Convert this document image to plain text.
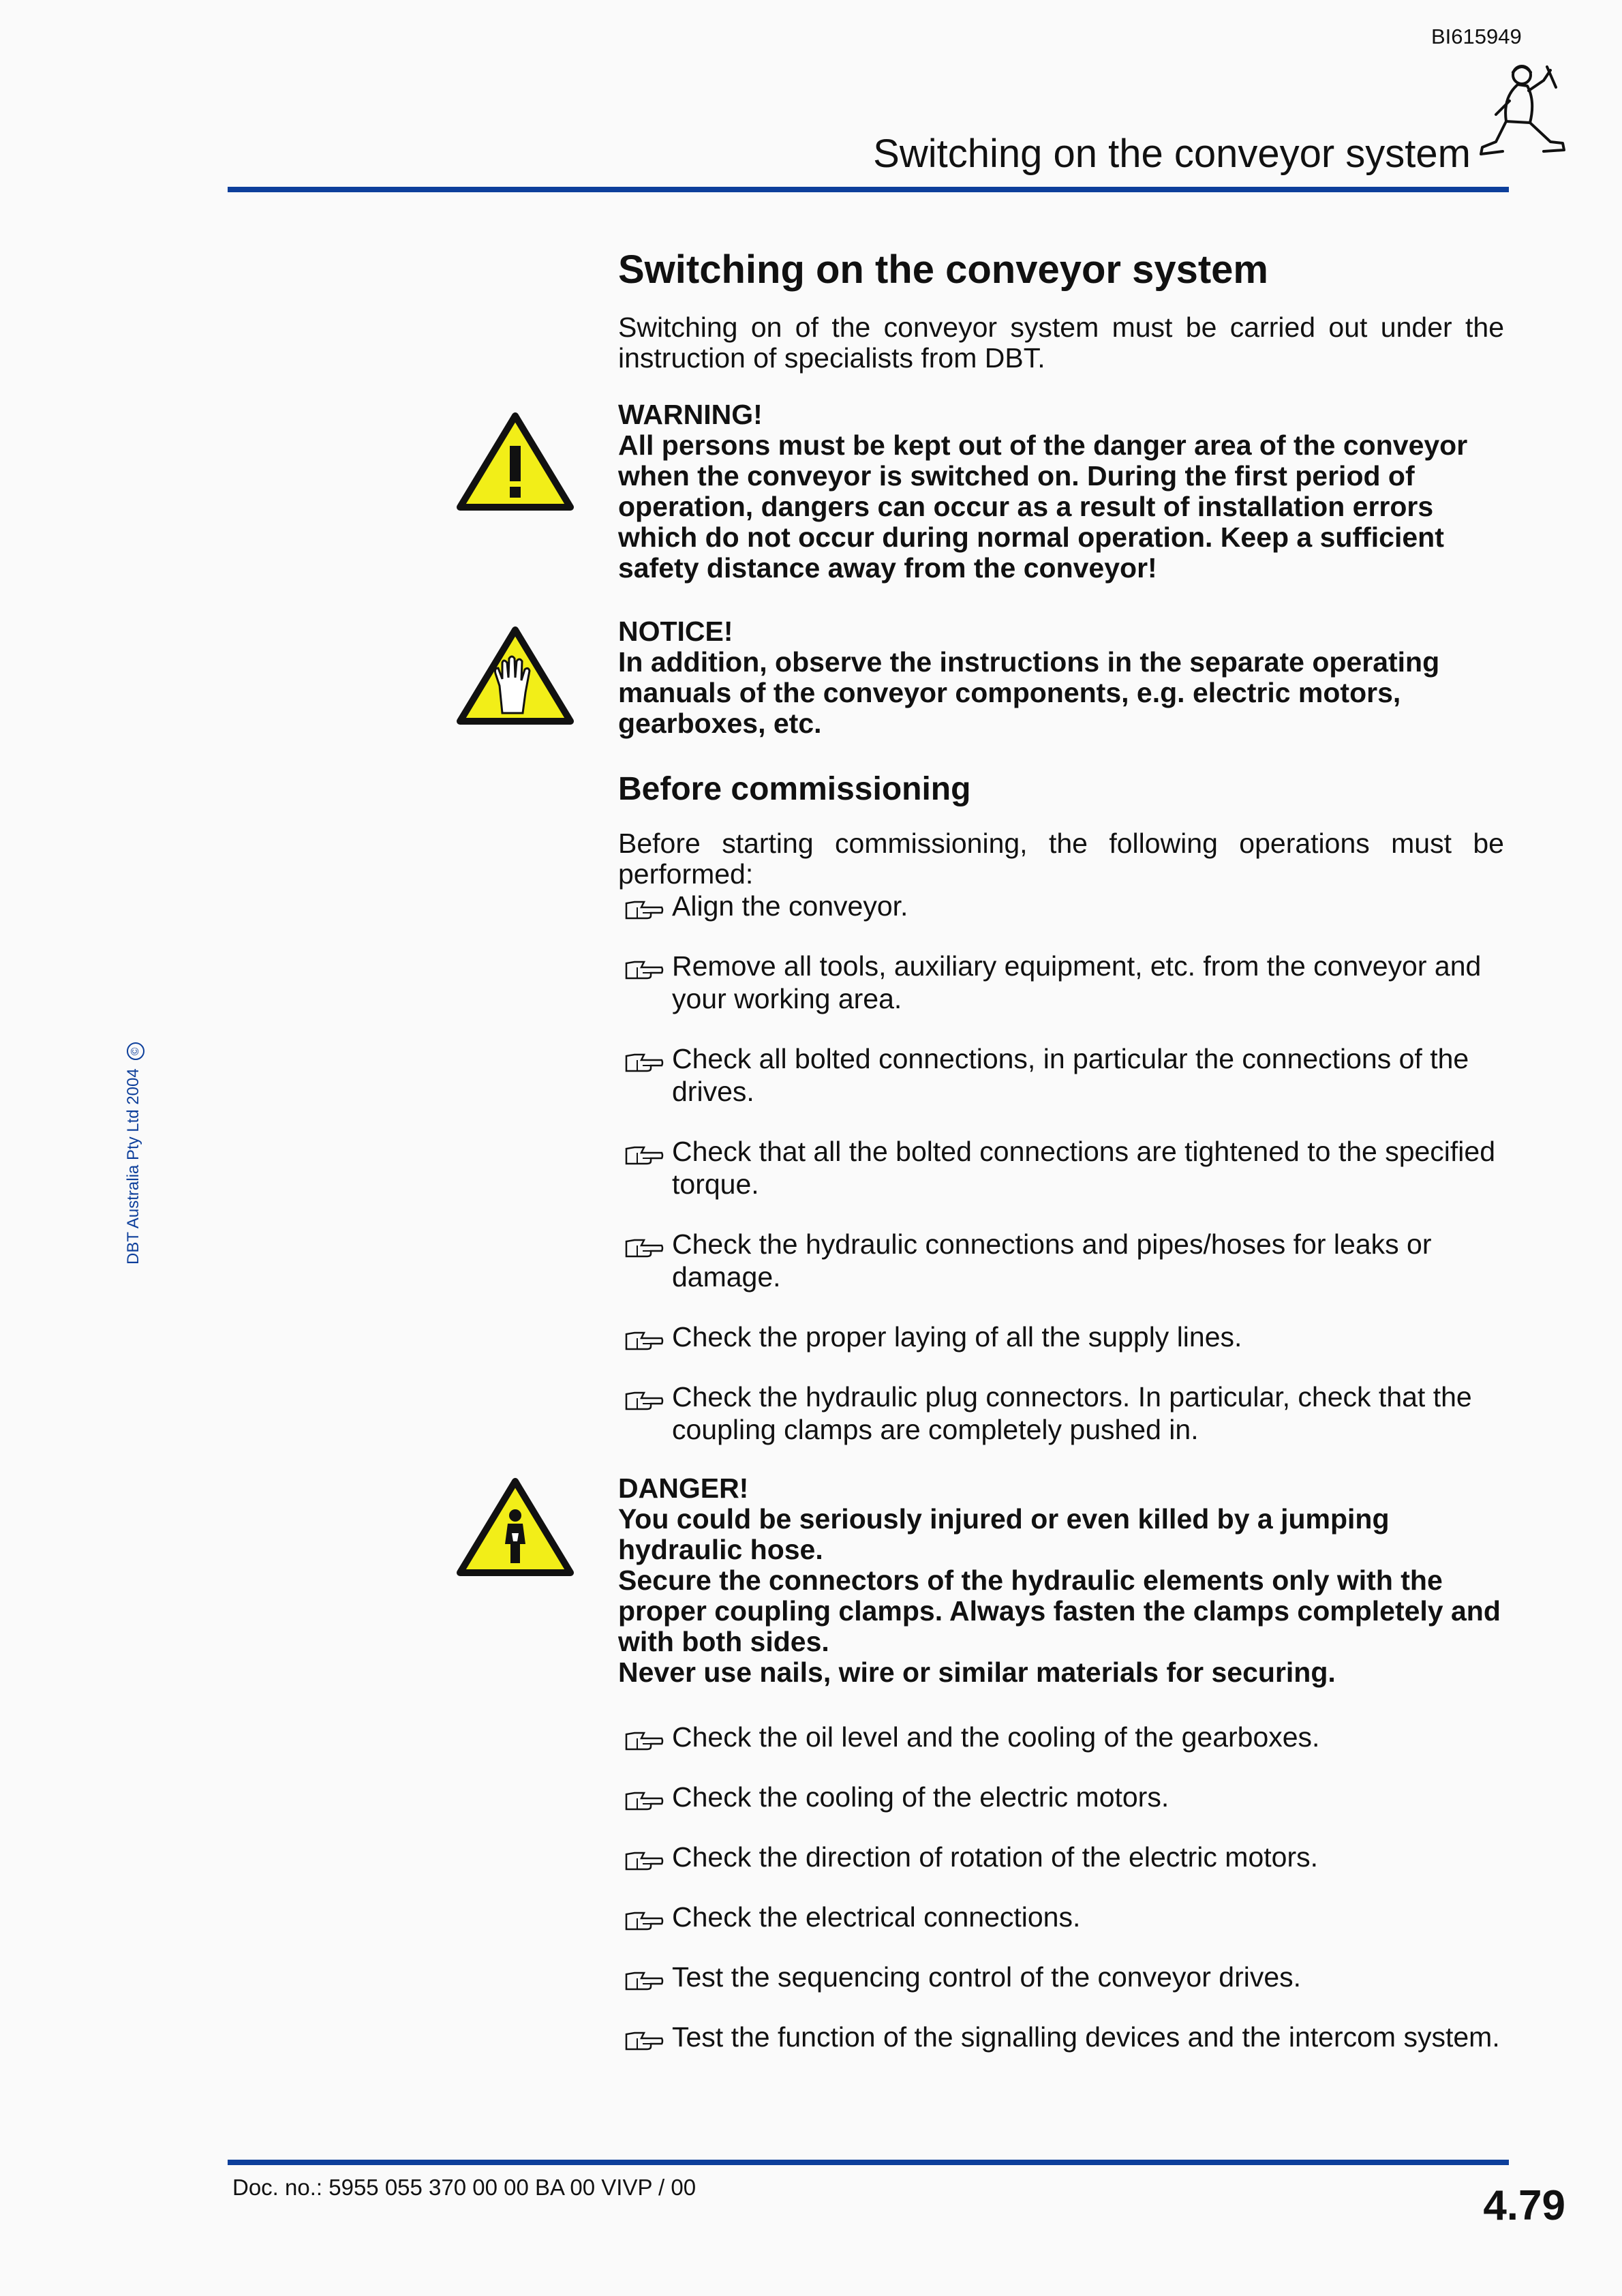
BI615949
Switching on the conveyor system
DBT Australia Pty Ltd 2004©
Switching on the conveyor system

Switching on of the conveyor system must be carried out under the instruction of specialists from DBT.

WARNING!
All persons must be kept out of the danger area of the conveyor when the conveyor is switched on. During the first period of operation, dangers can occur as a result of installation errors which do not occur during normal operation. Keep a sufficient safety distance away from the conveyor!
NOTICE!
In addition, observe the instructions in the separate operating manuals of the conveyor components, e.g. electric motors, gearboxes, etc.
Before commissioning

Before starting commissioning, the following operations must be performed:

Align the conveyor.
Remove all tools, auxiliary equipment, etc. from the conveyor and your working area.
Check all bolted connections, in particular the connections of the drives.
Check that all the bolted connections are tightened to the specified torque.
Check the hydraulic connections and pipes/hoses for leaks or damage.
Check the proper laying of all the supply lines.
Check the hydraulic plug connectors. In particular, check that the coupling clamps are completely pushed in.
DANGER!
You could be seriously injured or even killed by a jumping hydraulic hose.
Secure the connectors of the hydraulic elements only with the proper coupling clamps. Always fasten the clamps completely and with both sides.
Never use nails, wire or similar materials for securing.
Check the oil level and the cooling of the gearboxes.
Check the cooling of the electric motors.
Check the direction of rotation of the electric motors.
Check the electrical connections.
Test the sequencing control of the conveyor drives.
Test the function of the signalling devices and the intercom system.
Doc. no.: 5955 055 370 00 00 BA 00 VIVP / 00	4.79
